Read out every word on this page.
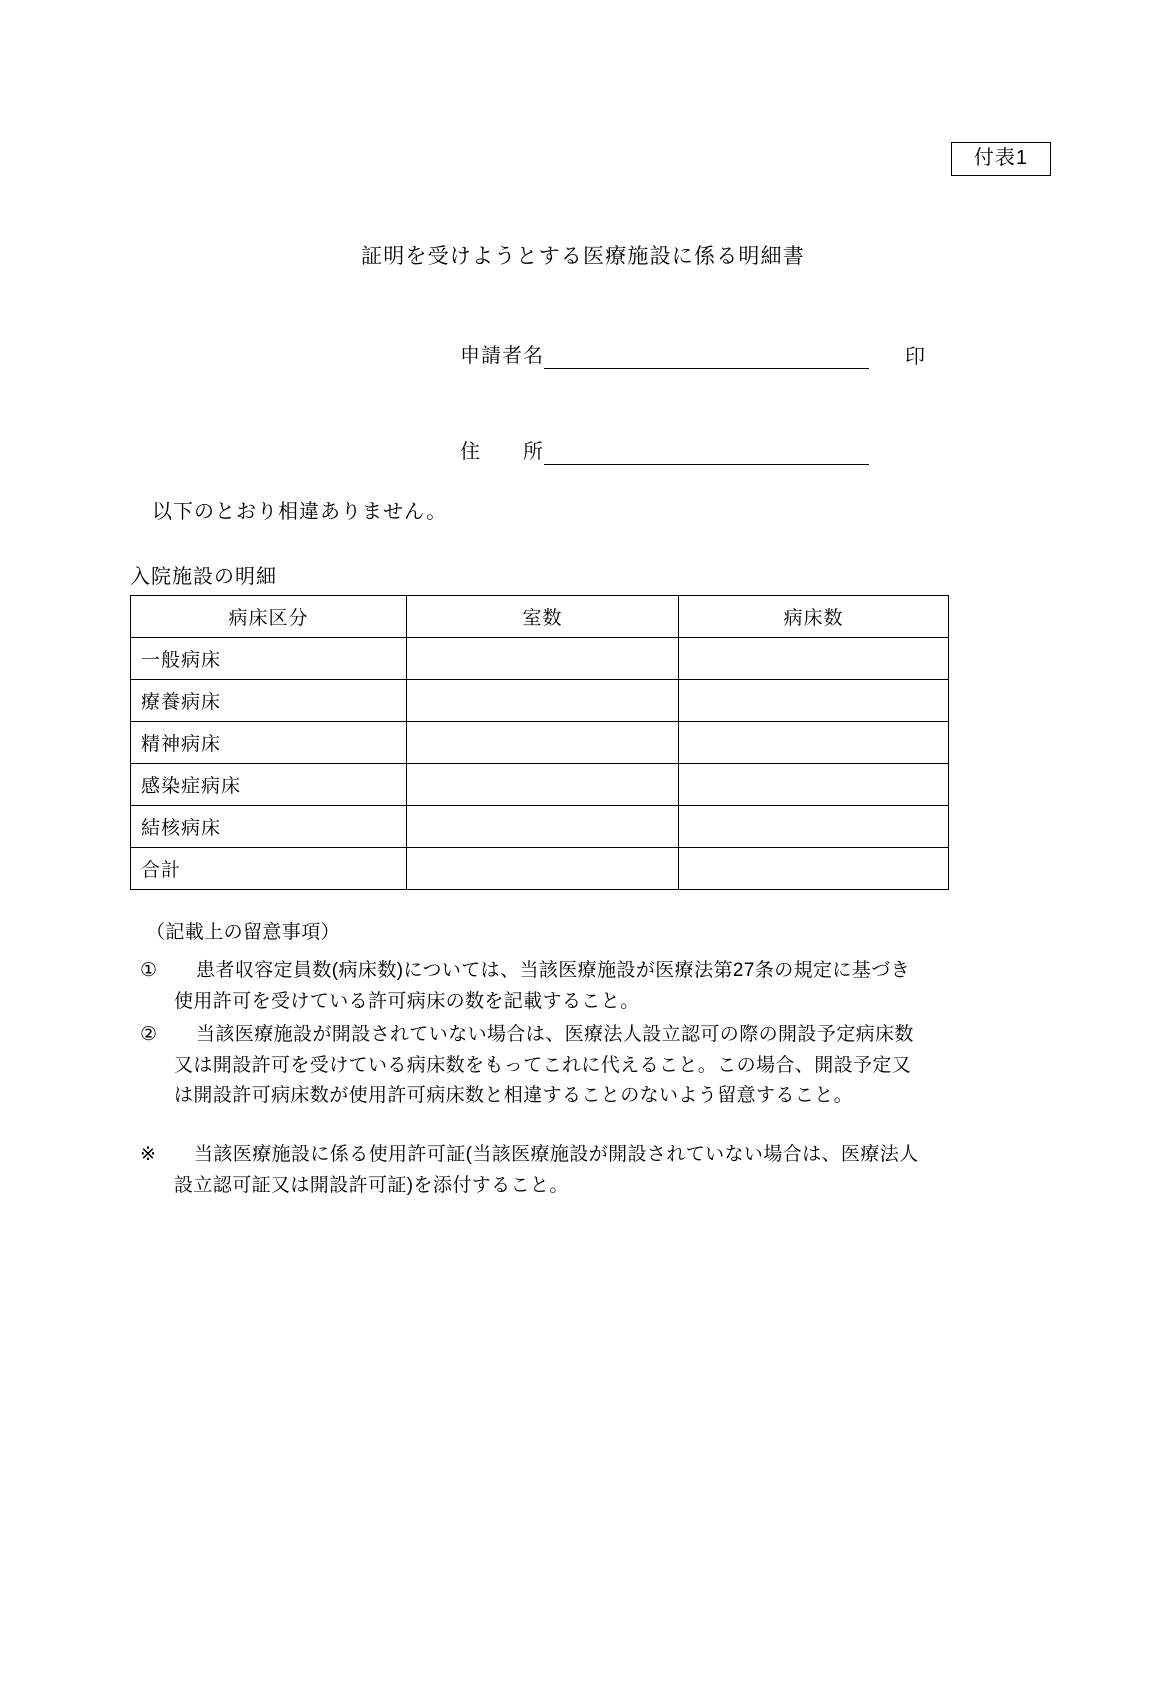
付表1
証明を受けようとする医療施設に係る明細書
申請者名	印
住　　所
以下のとおり相違ありません。
入院施設の明細
病床区分	室数	病床数
一般病床		
療養病床		
精神病床		
感染症病床		
結核病床		
合計		
（記載上の留意事項）
①	患者収容定員数(病床数)については、当該医療施設が医療法第27条の規定に基づき
使用許可を受けている許可病床の数を記載すること。
②	当該医療施設が開設されていない場合は、医療法人設立認可の際の開設予定病床数
又は開設許可を受けている病床数をもってこれに代えること。この場合、開設予定又
は開設許可病床数が使用許可病床数と相違することのないよう留意すること。
※	当該医療施設に係る使用許可証(当該医療施設が開設されていない場合は、医療法人
設立認可証又は開設許可証)を添付すること。
